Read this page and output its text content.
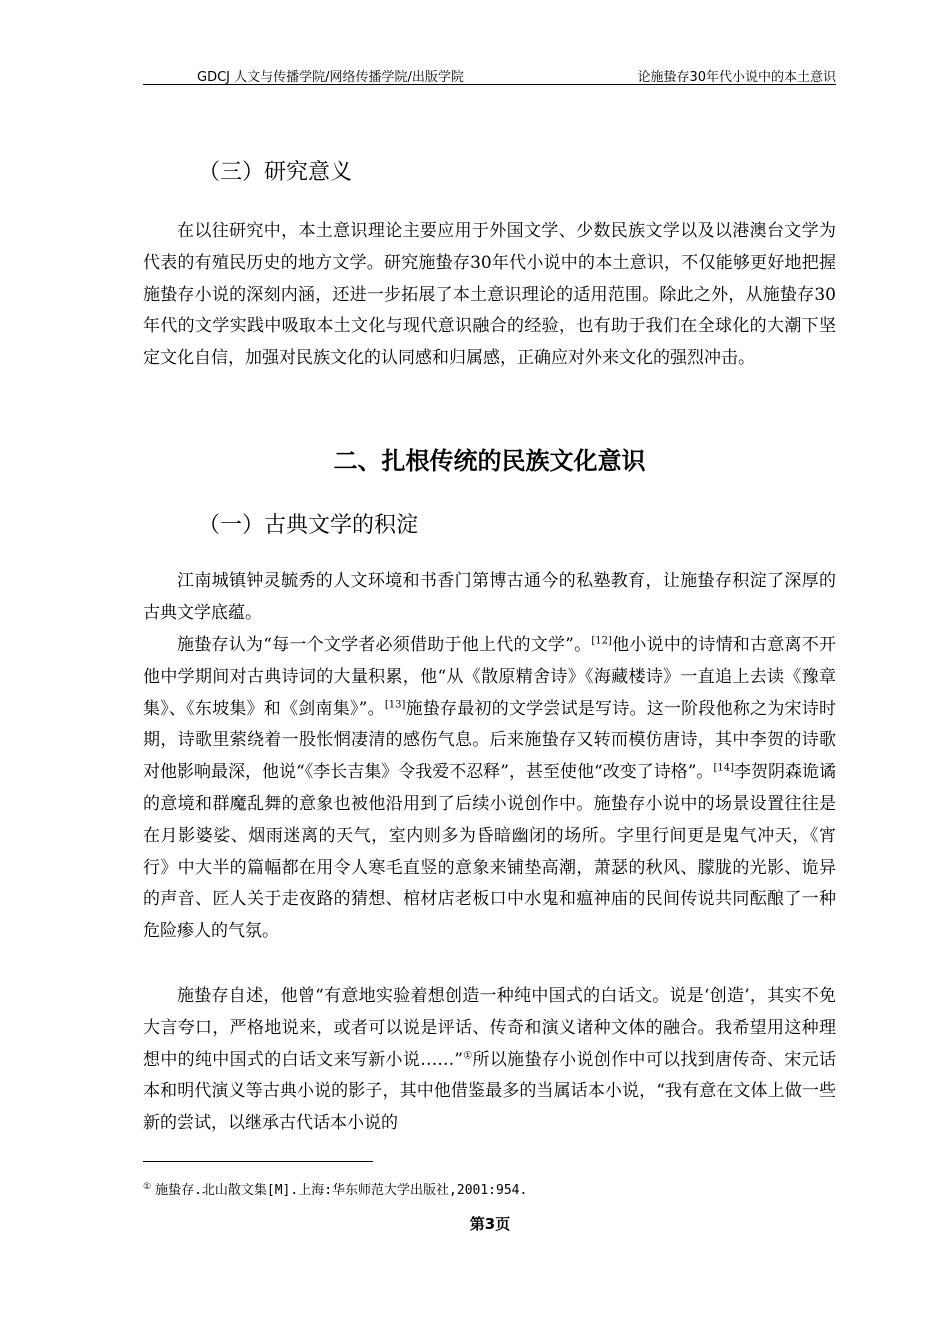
GDCJ 人文与传播学院/网络传播学院/出版学院	论施蛰存30年代小说中的本土意识
（三）研究意义

在以往研究中，本土意识理论主要应用于外国文学、少数民族文学以及以港澳台文学为代表的有殖民历史的地方文学。研究施蛰存30年代小说中的本土意识，不仅能够更好地把握施蛰存小说的深刻内涵，还进一步拓展了本土意识理论的适用范围。除此之外，从施蛰存30年代的文学实践中吸取本土文化与现代意识融合的经验，也有助于我们在全球化的大潮下坚定文化自信，加强对民族文化的认同感和归属感，正确应对外来文化的强烈冲击。

二、扎根传统的民族文化意识
（一）古典文学的积淀

江南城镇钟灵毓秀的人文环境和书香门第博古通今的私塾教育，让施蛰存积淀了深厚的古典文学底蕴。

施蛰存认为“每一个文学者必须借助于他上代的文学”。[12]他小说中的诗情和古意离不开他中学期间对古典诗词的大量积累，他“从《散原精舍诗》《海藏楼诗》一直追上去读《豫章集》、《东坡集》和《剑南集》”。[13]施蛰存最初的文学尝试是写诗。这一阶段他称之为宋诗时期，诗歌里萦绕着一股怅惘凄清的感伤气息。后来施蛰存又转而模仿唐诗，其中李贺的诗歌对他影响最深，他说“《李长吉集》令我爱不忍释”，甚至使他“改变了诗格”。[14]李贺阴森诡谲的意境和群魔乱舞的意象也被他沿用到了后续小说创作中。施蛰存小说中的场景设置往往是在月影婆娑、烟雨迷离的天气，室内则多为昏暗幽闭的场所。字里行间更是鬼气冲天，《宵行》中大半的篇幅都在用令人寒毛直竖的意象来铺垫高潮，萧瑟的秋风、朦胧的光影、诡异的声音、匠人关于走夜路的猜想、棺材店老板口中水鬼和瘟神庙的民间传说共同酝酿了一种危险瘆人的气氛。

施蛰存自述，他曾“有意地实验着想创造一种纯中国式的白话文。说是‘创造’，其实不免大言夸口，严格地说来，或者可以说是评话、传奇和演义诸种文体的融合。我希望用这种理想中的纯中国式的白话文来写新小说……”①所以施蛰存小说创作中可以找到唐传奇、宋元话本和明代演义等古典小说的影子，其中他借鉴最多的当属话本小说，“我有意在文体上做一些新的尝试，以继承古代话本小说的

① 施蛰存.北山散文集[M].上海:华东师范大学出版社,2001:954.
第3页
